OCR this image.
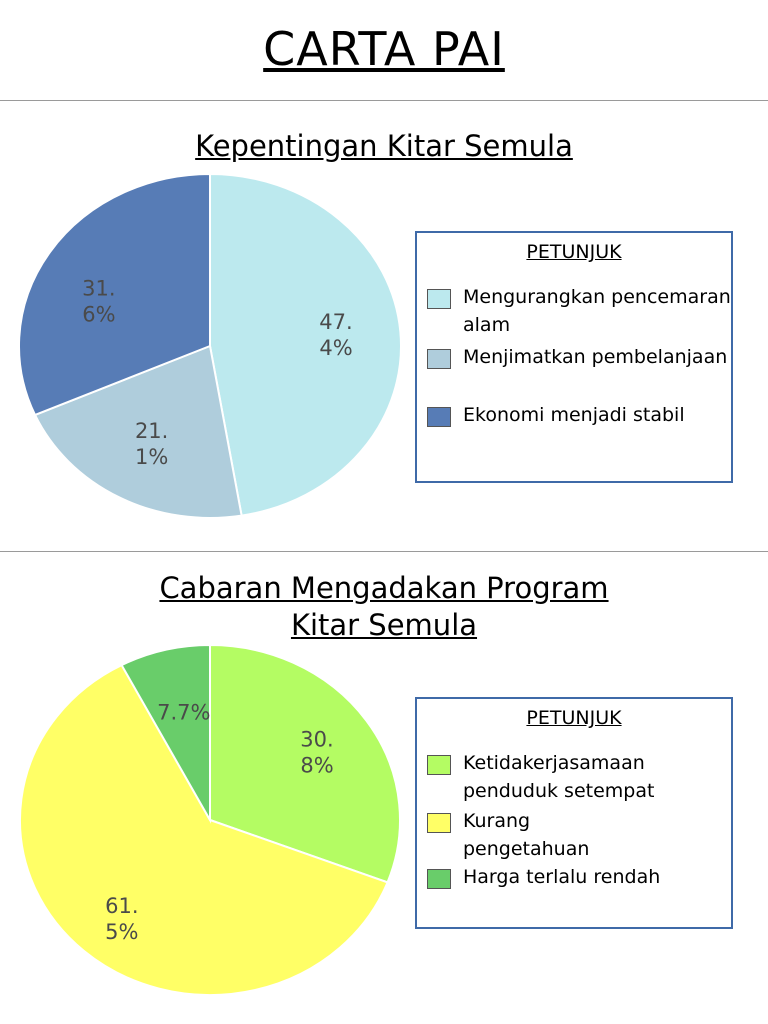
CARTA PAI
Kepentingan Kitar Semula
47. 4%
21. 1%
31. 6%
PETUNJUK
Mengurangkan pencemaran alam
Menjimatkan pembelanjaan
Ekonomi menjadi stabil
Cabaran Mengadakan Program
Kitar Semula
30. 8%
61. 5%
7.7%	PETUNJUK
Ketidakerjasamaan penduduk setempat
Kurang pengetahuan
Harga terlalu rendah
